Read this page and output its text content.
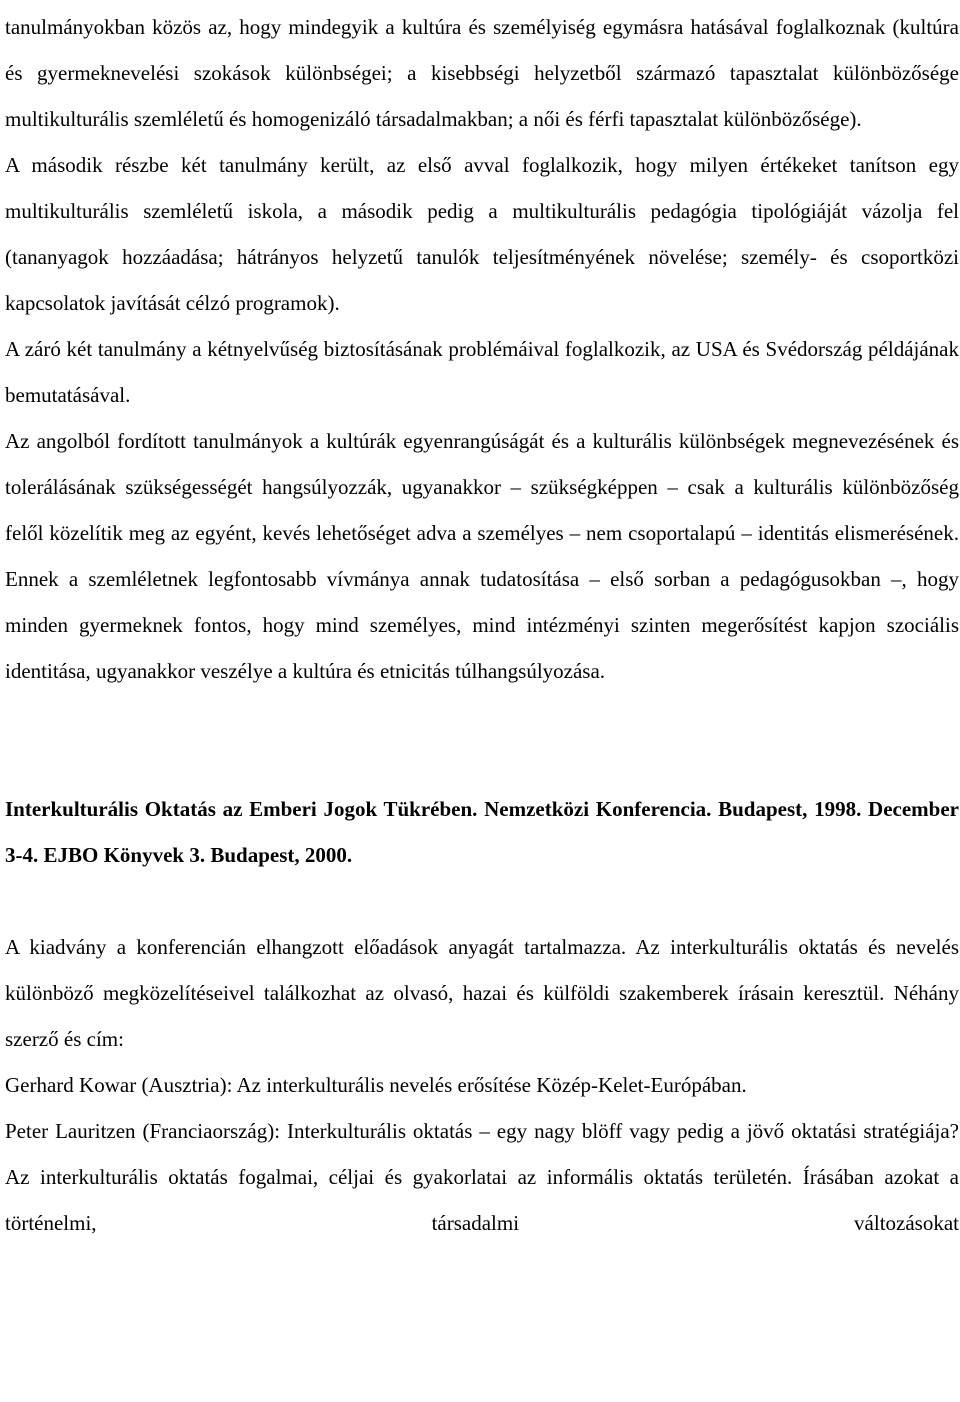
tanulmányokban közös az, hogy mindegyik a kultúra és személyiség egymásra hatásával foglalkoznak (kultúra és gyermeknevelési szokások különbségei; a kisebbségi helyzetből származó tapasztalat különbözősége multikulturális szemléletű és homogenizáló társadalmakban; a női és férfi tapasztalat különbözősége).

A második részbe két tanulmány került, az első avval foglalkozik, hogy milyen értékeket tanítson egy multikulturális szemléletű iskola, a második pedig a multikulturális pedagógia tipológiáját vázolja fel (tananyagok hozzáadása; hátrányos helyzetű tanulók teljesítményének növelése; személy- és csoportközi kapcsolatok javítását célzó programok).

A záró két tanulmány a kétnyelvűség biztosításának problémáival foglalkozik, az USA és Svédország példájának bemutatásával.

Az angolból fordított tanulmányok a kultúrák egyenrangúságát és a kulturális különbségek megnevezésének és tolerálásának szükségességét hangsúlyozzák, ugyanakkor – szükségképpen – csak a kulturális különbözőség felől közelítik meg az egyént, kevés lehetőséget adva a személyes – nem csoportalapú – identitás elismerésének. Ennek a szemléletnek legfontosabb vívmánya annak tudatosítása – első sorban a pedagógusokban –, hogy minden gyermeknek fontos, hogy mind személyes, mind intézményi szinten megerősítést kapjon szociális identitása, ugyanakkor veszélye a kultúra és etnicitás túlhangsúlyozása.

Interkulturális Oktatás az Emberi Jogok Tükrében. Nemzetközi Konferencia. Budapest, 1998. December 3-4. EJBO Könyvek 3. Budapest, 2000.

A kiadvány a konferencián elhangzott előadások anyagát tartalmazza. Az interkulturális oktatás és nevelés különböző megközelítéseivel találkozhat az olvasó, hazai és külföldi szakemberek írásain keresztül. Néhány szerző és cím:

Gerhard Kowar (Ausztria): Az interkulturális nevelés erősítése Közép-Kelet-Európában.

Peter Lauritzen (Franciaország): Interkulturális oktatás – egy nagy blöff vagy pedig a jövő oktatási stratégiája? Az interkulturális oktatás fogalmai, céljai és gyakorlatai az informális oktatás területén. Írásában azokat a történelmi, társadalmi változásokat
